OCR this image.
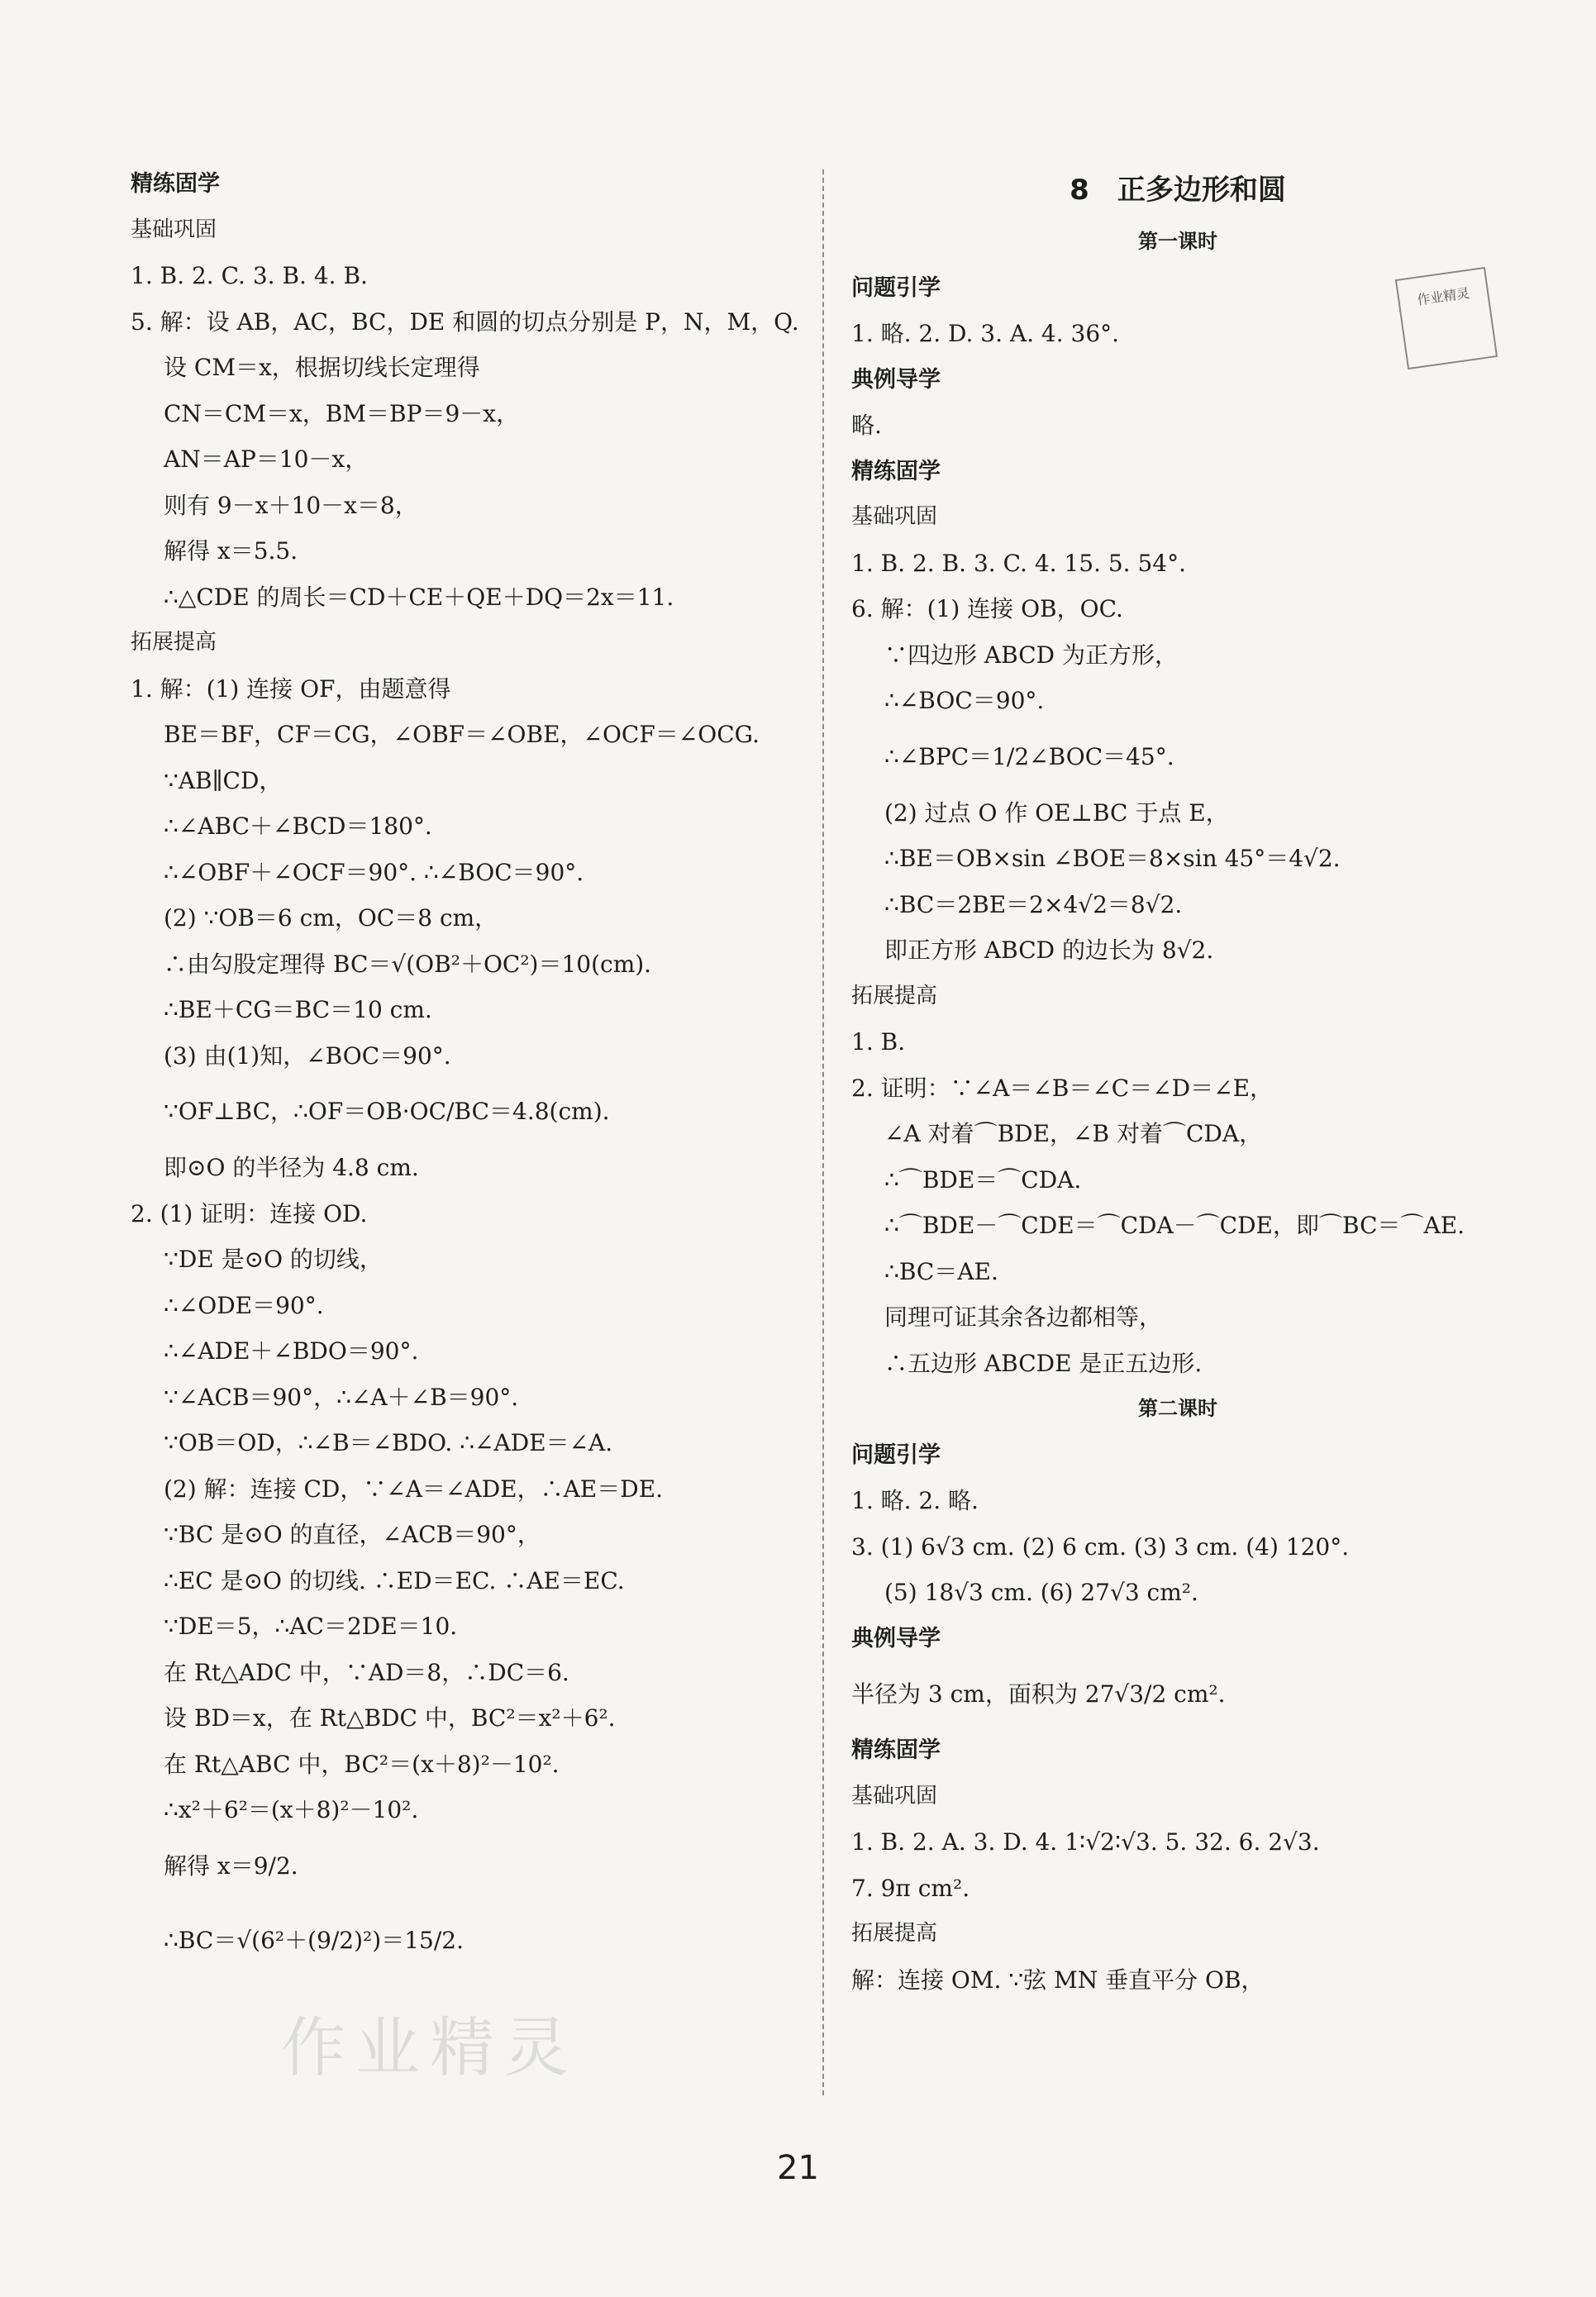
精练固学
基础巩固
1. B. 2. C. 3. B. 4. B.
5. 解：设 AB，AC，BC，DE 和圆的切点分别是 P，N，M，Q.
设 CM＝x，根据切线长定理得
CN＝CM＝x，BM＝BP＝9－x，
AN＝AP＝10－x，
则有 9－x＋10－x＝8，
解得 x＝5.5.
∴△CDE 的周长＝CD＋CE＋QE＋DQ＝2x＝11.
拓展提高
1. 解：(1) 连接 OF，由题意得
BE＝BF，CF＝CG，∠OBF＝∠OBE，∠OCF＝∠OCG.
∵AB∥CD，
∴∠ABC＋∠BCD＝180°.
∴∠OBF＋∠OCF＝90°. ∴∠BOC＝90°.
(2) ∵OB＝6 cm，OC＝8 cm，
∴由勾股定理得 BC＝√(OB²＋OC²)＝10(cm).
∴BE＋CG＝BC＝10 cm.
(3) 由(1)知，∠BOC＝90°.
∵OF⊥BC，∴OF＝OB·OC/BC＝4.8(cm).
即⊙O 的半径为 4.8 cm.
2. (1) 证明：连接 OD.
∵DE 是⊙O 的切线，
∴∠ODE＝90°.
∴∠ADE＋∠BDO＝90°.
∵∠ACB＝90°，∴∠A＋∠B＝90°.
∵OB＝OD，∴∠B＝∠BDO. ∴∠ADE＝∠A.
(2) 解：连接 CD，∵∠A＝∠ADE，∴AE＝DE.
∵BC 是⊙O 的直径，∠ACB＝90°，
∴EC 是⊙O 的切线. ∴ED＝EC. ∴AE＝EC.
∵DE＝5，∴AC＝2DE＝10.
在 Rt△ADC 中，∵AD＝8，∴DC＝6.
设 BD＝x，在 Rt△BDC 中，BC²＝x²＋6².
在 Rt△ABC 中，BC²＝(x＋8)²－10².
∴x²＋6²＝(x＋8)²－10².
解得 x＝9/2.
∴BC＝√(6²＋(9/2)²)＝15/2.
8　正多边形和圆
第一课时
问题引学
1. 略. 2. D. 3. A. 4. 36°.
典例导学
略.
精练固学
基础巩固
1. B. 2. B. 3. C. 4. 15. 5. 54°.
6. 解：(1) 连接 OB，OC.
∵四边形 ABCD 为正方形，
∴∠BOC＝90°.
∴∠BPC＝1/2∠BOC＝45°.
(2) 过点 O 作 OE⊥BC 于点 E，
∴BE＝OB×sin ∠BOE＝8×sin 45°＝4√2.
∴BC＝2BE＝2×4√2＝8√2.
即正方形 ABCD 的边长为 8√2.
拓展提高
1. B.
2. 证明：∵∠A＝∠B＝∠C＝∠D＝∠E，
∠A 对着⌒BDE，∠B 对着⌒CDA，
∴⌒BDE＝⌒CDA.
∴⌒BDE－⌒CDE＝⌒CDA－⌒CDE，即⌒BC＝⌒AE.
∴BC＝AE.
同理可证其余各边都相等，
∴五边形 ABCDE 是正五边形.
第二课时
问题引学
1. 略. 2. 略.
3. (1) 6√3 cm. (2) 6 cm. (3) 3 cm. (4) 120°.
(5) 18√3 cm. (6) 27√3 cm².
典例导学
半径为 3 cm，面积为 27√3/2 cm².
精练固学
基础巩固
1. B. 2. A. 3. D. 4. 1∶√2∶√3. 5. 32. 6. 2√3.
7. 9π cm².
拓展提高
解：连接 OM. ∵弦 MN 垂直平分 OB，
作业精灵
作业精灵
21
